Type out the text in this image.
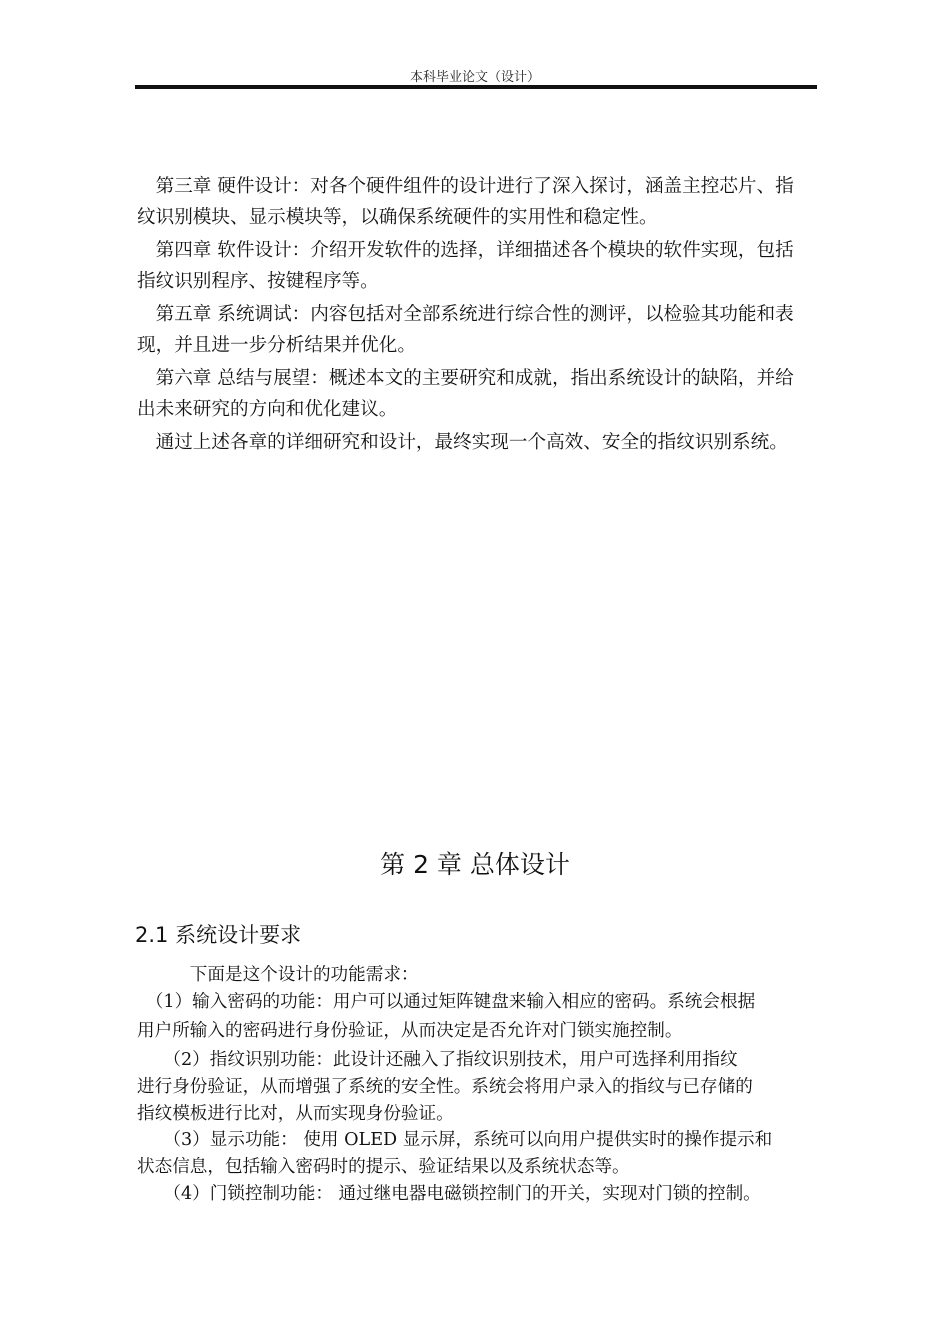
本科毕业论文（设计）
　第三章 硬件设计：对各个硬件组件的设计进行了深入探讨，涵盖主控芯片、指
纹识别模块、显示模块等，以确保系统硬件的实用性和稳定性。
　第四章 软件设计：介绍开发软件的选择，详细描述各个模块的软件实现，包括
指纹识别程序、按键程序等。
　第五章 系统调试：内容包括对全部系统进行综合性的测评，以检验其功能和表
现，并且进一步分析结果并优化。
　第六章 总结与展望：概述本文的主要研究和成就，指出系统设计的缺陷，并给
出未来研究的方向和优化建议。
　通过上述各章的详细研究和设计，最终实现一个高效、安全的指纹识别系统。
第 2 章 总体设计
2.1 系统设计要求
　　　下面是这个设计的功能需求：
　（1）输入密码的功能：用户可以通过矩阵键盘来输入相应的密码。系统会根据
用户所输入的密码进行身份验证，从而决定是否允许对门锁实施控制。
　　（2）指纹识别功能：此设计还融入了指纹识别技术，用户可选择利用指纹
进行身份验证，从而增强了系统的安全性。系统会将用户录入的指纹与已存储的
指纹模板进行比对，从而实现身份验证。
　　（3）显示功能： 使用 OLED 显示屏，系统可以向用户提供实时的操作提示和
状态信息，包括输入密码时的提示、验证结果以及系统状态等。
　　（4）门锁控制功能： 通过继电器电磁锁控制门的开关，实现对门锁的控制。
